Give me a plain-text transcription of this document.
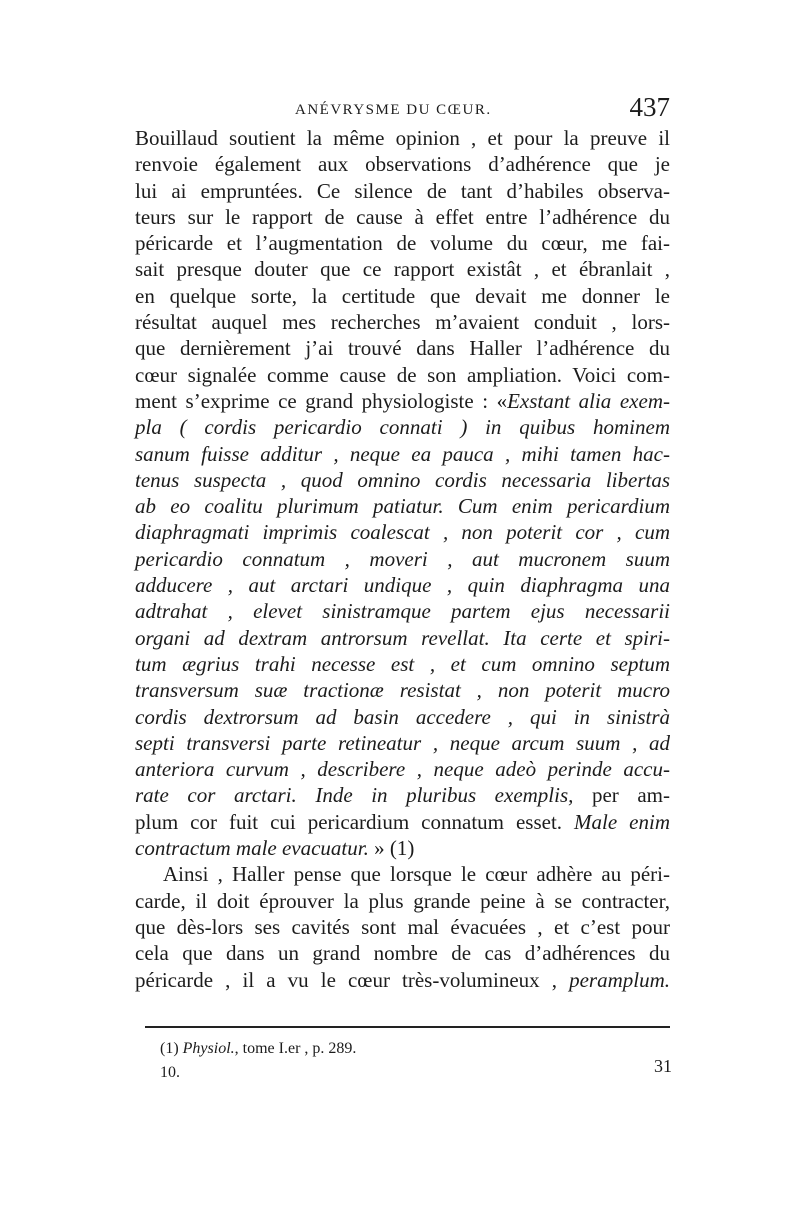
ANÉVRYSME DU CŒUR.	437
Bouillaud soutient la même opinion , et pour la preuve il
renvoie également aux observations d’adhérence que je
lui ai empruntées. Ce silence de tant d’habiles observa-
teurs sur le rapport de cause à effet entre l’adhérence du
péricarde et l’augmentation de volume du cœur, me fai-
sait presque douter que ce rapport existât , et ébranlait ,
en quelque sorte, la certitude que devait me donner le
résultat auquel mes recherches m’avaient conduit , lors-
que dernièrement j’ai trouvé dans Haller l’adhérence du
cœur signalée comme cause de son ampliation. Voici com-
ment s’exprime ce grand physiologiste : «Exstant alia exem-
pla ( cordis pericardio connati ) in quibus hominem
sanum fuisse additur , neque ea pauca , mihi tamen hac-
tenus suspecta , quod omnino cordis necessaria libertas
ab eo coalitu plurimum patiatur. Cum enim pericardium
diaphragmati imprimis coalescat , non poterit cor , cum
pericardio connatum , moveri , aut mucronem suum
adducere , aut arctari undique , quin diaphragma una
adtrahat , elevet sinistramque partem ejus necessarii
organi ad dextram antrorsum revellat. Ita certe et spiri-
tum ægrius trahi necesse est , et cum omnino septum
transversum suæ tractionæ resistat , non poterit mucro
cordis dextrorsum ad basin accedere , qui in sinistrà
septi transversi parte retineatur , neque arcum suum , ad
anteriora curvum , describere , neque adeò perinde accu-
rate cor arctari. Inde in pluribus exemplis, per am-
plum cor fuit cui pericardium connatum esset. Male enim
contractum male evacuatur. » (1)
Ainsi , Haller pense que lorsque le cœur adhère au péri-
carde, il doit éprouver la plus grande peine à se contracter,
que dès-lors ses cavités sont mal évacuées , et c’est pour
cela que dans un grand nombre de cas d’adhérences du
péricarde , il a vu le cœur très-volumineux , peramplum.
(1) Physiol., tome I.er , p. 289.
10.	31
